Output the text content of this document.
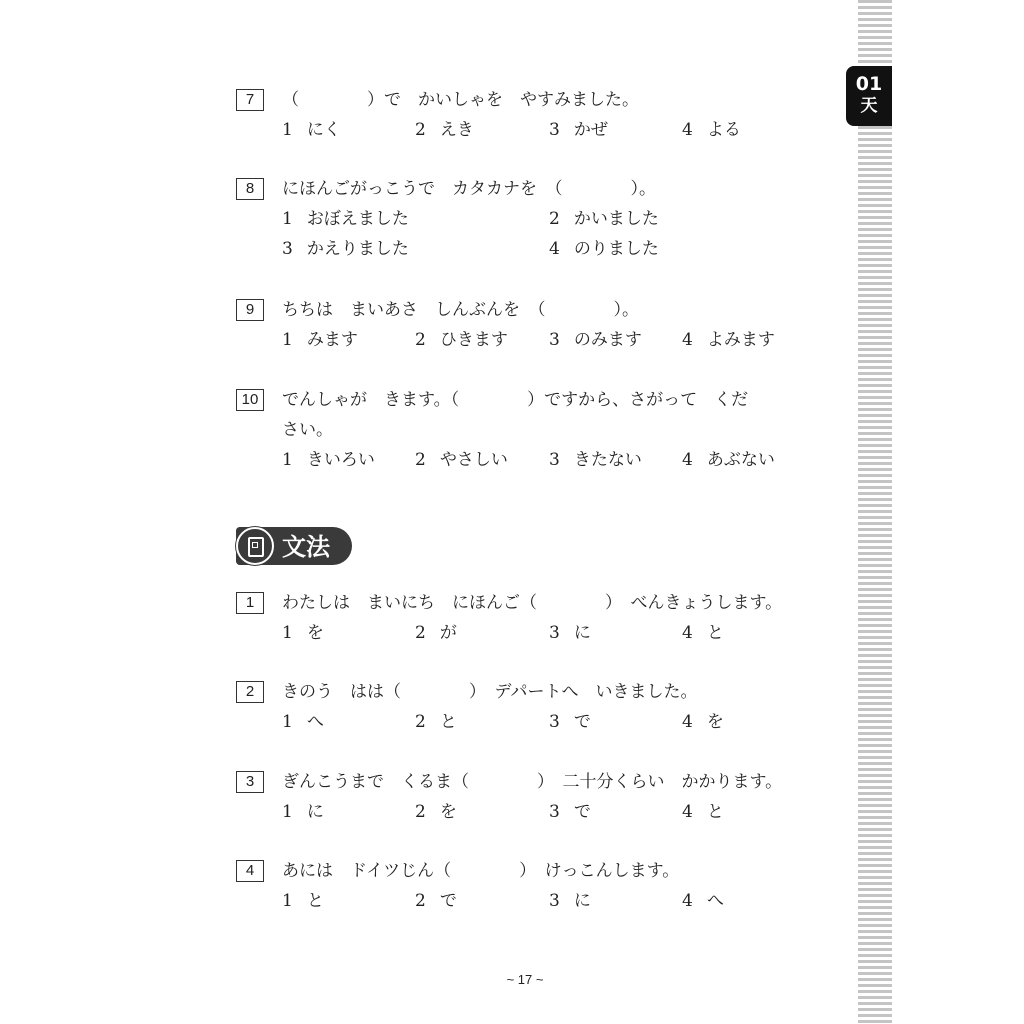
01
天
7	（　　　　）で　かいしゃを　やすみました。
1 にく	2 えき	3 かぜ	4 よる
8	にほんごがっこうで　カタカナを　（　　　　）。
1 おぼえました	2 かいました
3 かえりました	4 のりました
9	ちちは　まいあさ　しんぶんを　（　　　　）。
1 みます	2 ひきます 3 のみます 4 よみます
10	でんしゃが　きます。（　　　　）ですから、さがって　くだ
さい。
1 きいろい 2 やさしい 3 きたない 4 あぶない
文法
1	わたしは　まいにち　にほんご（　　　　）　べんきょうします。
1 を	2 が	3 に	4 と
2	きのう　はは（　　　　）　デパートへ　いきました。
1 へ	2 と	3 で	4 を
3	ぎんこうまで　くるま（　　　　）　二十分くらい　かかります。
1 に	2 を	3 で	4 と
4	あには　ドイツじん（　　　　）　けっこんします。
1 と	2 で	3 に	4 へ
~ 17 ~
